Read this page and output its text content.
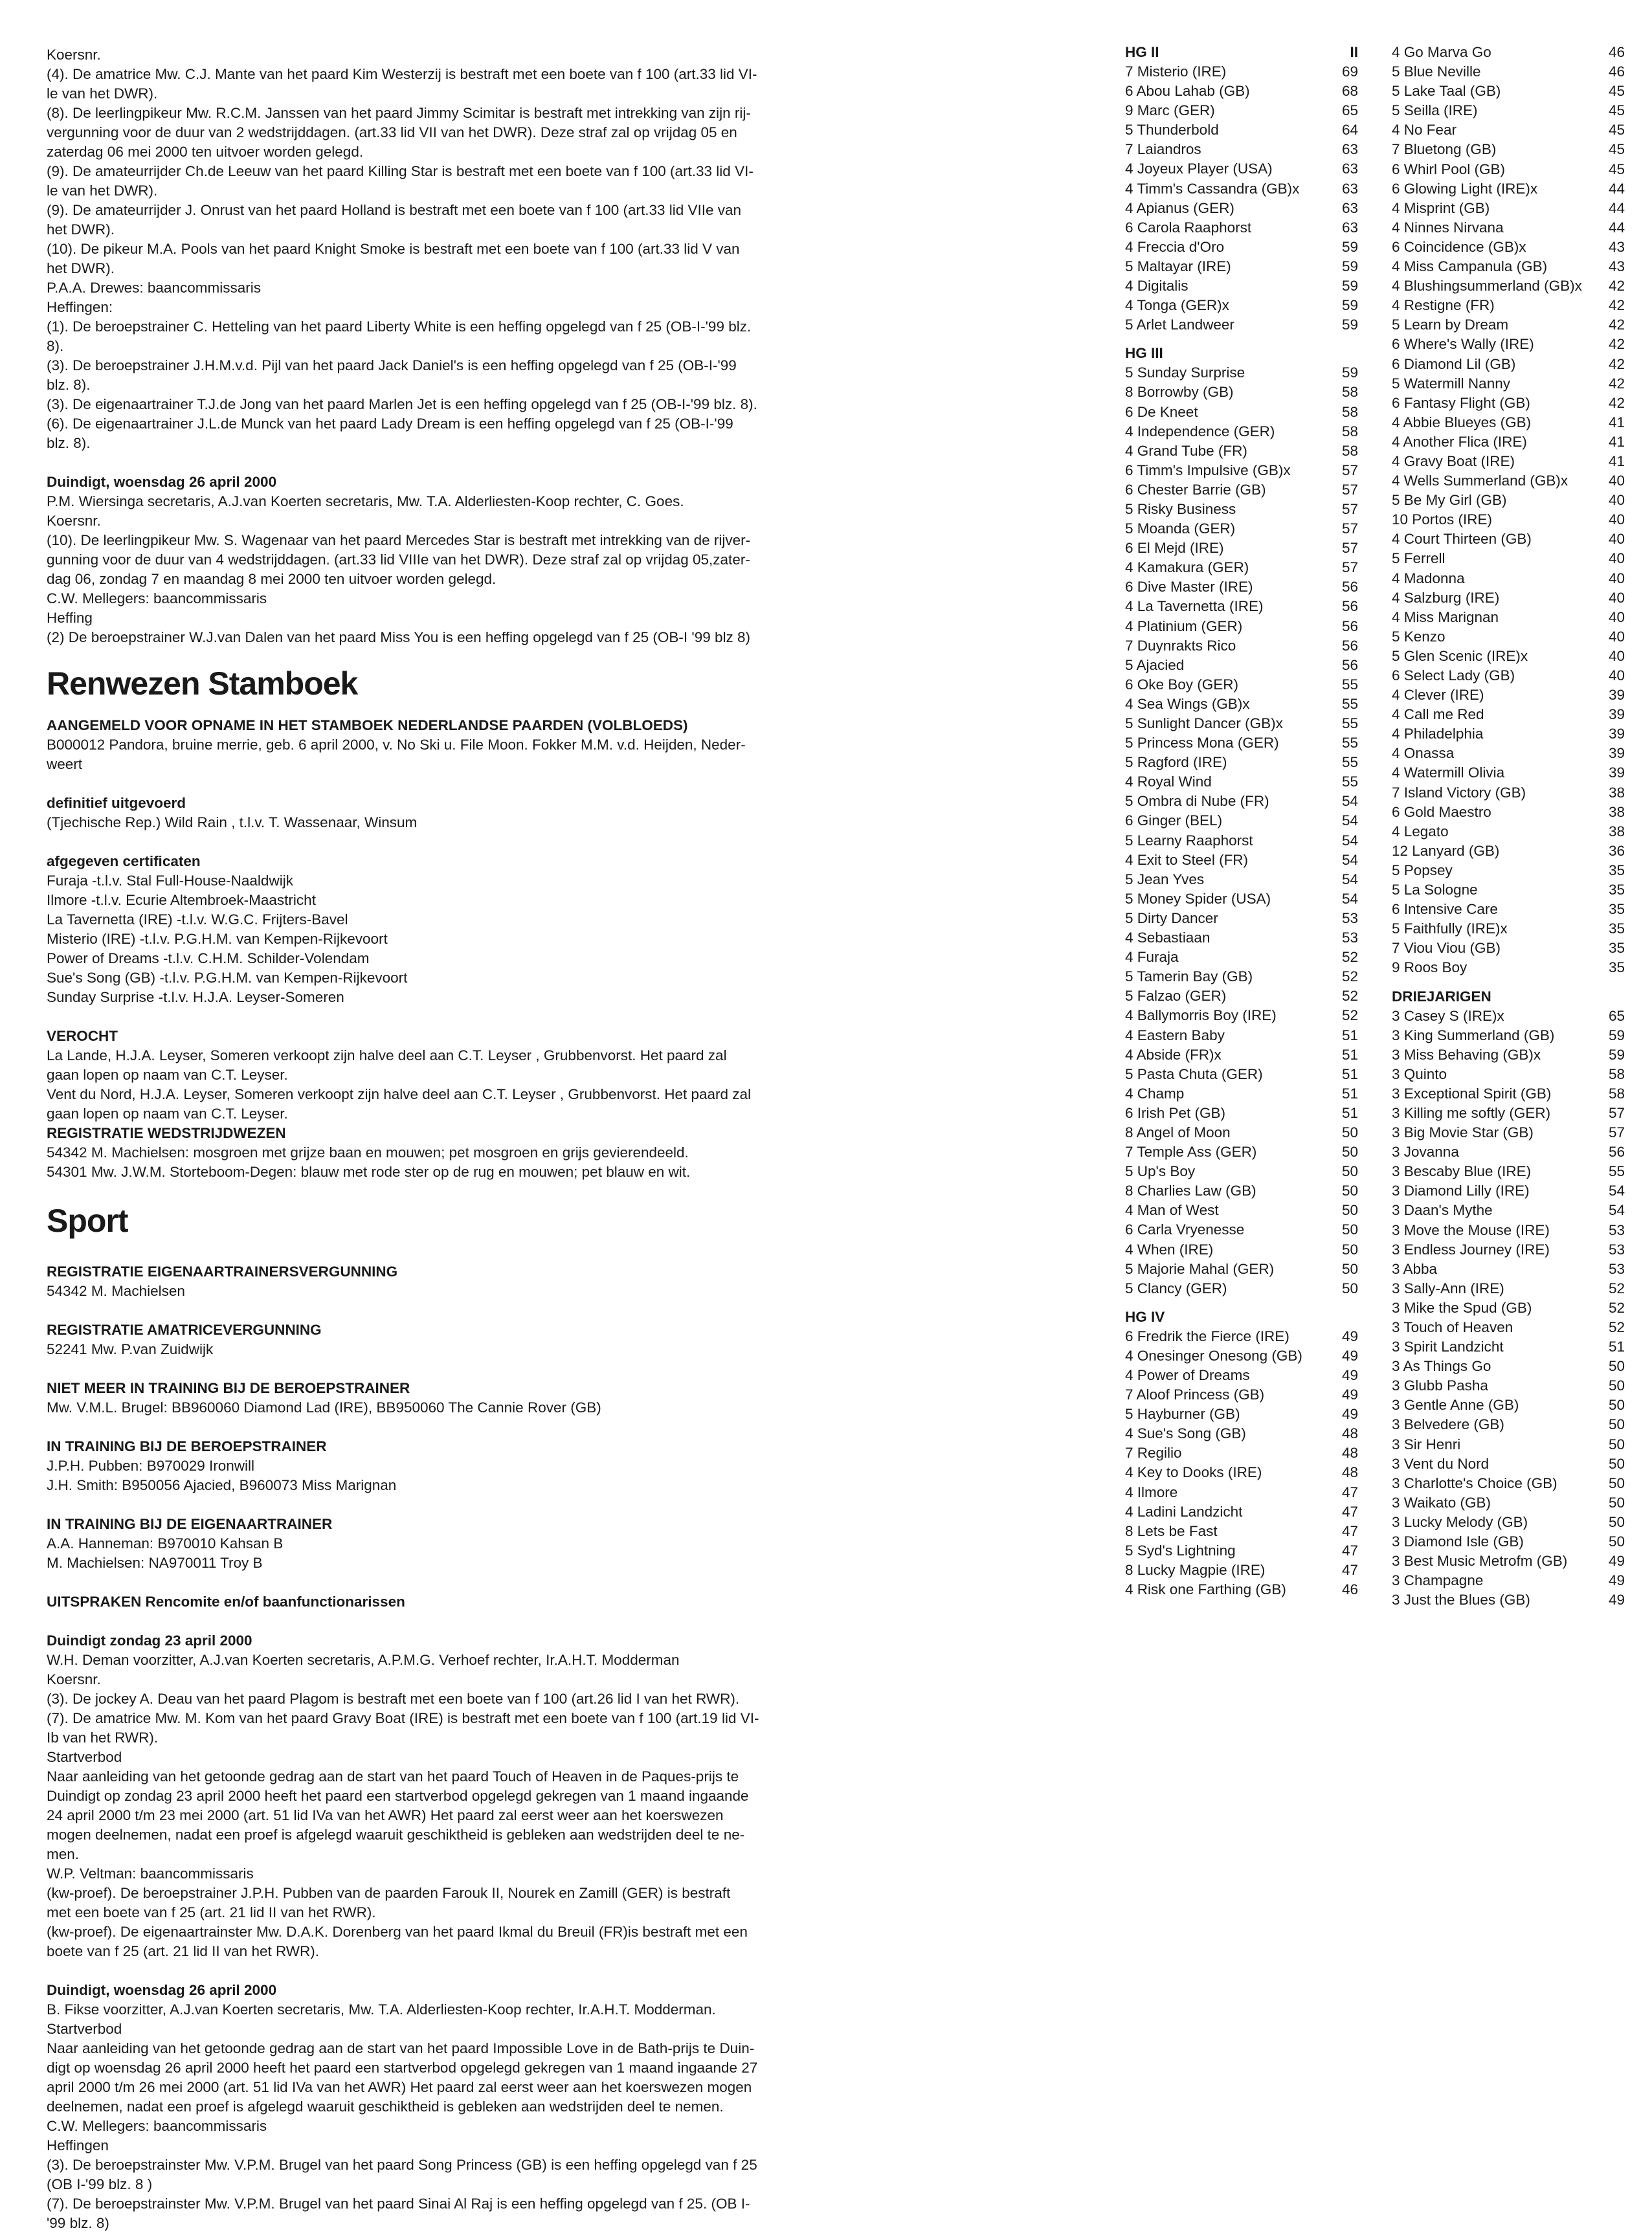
Koersnr.
(4). De amatrice Mw. C.J. Mante van het paard Kim Westerzij is bestraft met een boete van f 100 (art.33 lid VI-
le van het DWR).
(8). De leerlingpikeur Mw. R.C.M. Janssen van het paard Jimmy Scimitar is bestraft met intrekking van zijn rij-
vergunning voor de duur van 2 wedstrijddagen. (art.33 lid VII van het DWR). Deze straf zal op vrijdag 05 en
zaterdag 06 mei 2000 ten uitvoer worden gelegd.
(9). De amateurrijder Ch.de Leeuw van het paard Killing Star is bestraft met een boete van f 100 (art.33 lid VI-
le van het DWR).
(9). De amateurrijder J. Onrust van het paard Holland is bestraft met een boete van f 100 (art.33 lid VIIe van
het DWR).
(10). De pikeur M.A. Pools van het paard Knight Smoke is bestraft met een boete van f 100 (art.33 lid V van
het DWR).
P.A.A. Drewes: baancommissaris
Heffingen:
(1). De beroepstrainer C. Hetteling van het paard Liberty White is een heffing opgelegd van f 25 (OB-I-'99 blz.
8).
(3). De beroepstrainer J.H.M.v.d. Pijl van het paard Jack Daniel's is een heffing opgelegd van f 25 (OB-I-'99
blz. 8).
(3). De eigenaartrainer T.J.de Jong van het paard Marlen Jet is een heffing opgelegd van f 25 (OB-I-'99 blz. 8).
(6). De eigenaartrainer J.L.de Munck van het paard Lady Dream is een heffing opgelegd van f 25 (OB-I-'99
blz. 8).
Duindigt, woensdag 26 april 2000
P.M. Wiersinga secretaris, A.J.van Koerten secretaris, Mw. T.A. Alderliesten-Koop rechter, C. Goes.
Koersnr.
(10). De leerlingpikeur Mw. S. Wagenaar van het paard Mercedes Star is bestraft met intrekking van de rijver-
gunning voor de duur van 4 wedstrijddagen. (art.33 lid VIIIe van het DWR). Deze straf zal op vrijdag 05,zater-
dag 06, zondag 7 en maandag 8 mei 2000 ten uitvoer worden gelegd.
C.W. Mellegers: baancommissaris
Heffing
(2) De beroepstrainer W.J.van Dalen van het paard Miss You is een heffing opgelegd van f 25 (OB-I '99 blz 8)
Renwezen Stamboek
AANGEMELD VOOR OPNAME IN HET STAMBOEK NEDERLANDSE PAARDEN (VOLBLOEDS)
B000012 Pandora, bruine merrie, geb. 6 april 2000, v. No Ski u. File Moon. Fokker M.M. v.d. Heijden, Neder-
weert
definitief uitgevoerd
(Tjechische Rep.) Wild Rain , t.l.v. T. Wassenaar, Winsum
afgegeven certificaten
Furaja -t.l.v. Stal Full-House-Naaldwijk
Ilmore -t.l.v. Ecurie Altembroek-Maastricht
La Tavernetta (IRE) -t.l.v. W.G.C. Frijters-Bavel
Misterio (IRE) -t.l.v. P.G.H.M. van Kempen-Rijkevoort
Power of Dreams -t.l.v. C.H.M. Schilder-Volendam
Sue's Song (GB) -t.l.v. P.G.H.M. van Kempen-Rijkevoort
Sunday Surprise -t.l.v. H.J.A. Leyser-Someren
VEROCHT
La Lande, H.J.A. Leyser, Someren verkoopt zijn halve deel aan C.T. Leyser , Grubbenvorst. Het paard zal
gaan lopen op naam van C.T. Leyser.
Vent du Nord, H.J.A. Leyser, Someren verkoopt zijn halve deel aan C.T. Leyser , Grubbenvorst. Het paard zal
gaan lopen op naam van C.T. Leyser.
REGISTRATIE WEDSTRIJDWEZEN
54342 M. Machielsen: mosgroen met grijze baan en mouwen; pet mosgroen en grijs gevierendeeld.
54301 Mw. J.W.M. Storteboom-Degen: blauw met rode ster op de rug en mouwen; pet blauw en wit.
Sport
REGISTRATIE EIGENAARTRAINERSVERGUNNING
54342 M. Machielsen
REGISTRATIE AMATRICEVERGUNNING
52241 Mw. P.van Zuidwijk
NIET MEER IN TRAINING BIJ DE BEROEPSTRAINER
Mw. V.M.L. Brugel: BB960060 Diamond Lad (IRE), BB950060 The Cannie Rover (GB)
IN TRAINING BIJ DE BEROEPSTRAINER
J.P.H. Pubben: B970029 Ironwill
J.H. Smith: B950056 Ajacied, B960073 Miss Marignan
IN TRAINING BIJ DE EIGENAARTRAINER
A.A. Hanneman: B970010 Kahsan B
M. Machielsen: NA970011 Troy B
UITSPRAKEN Rencomite en/of baanfunctionarissen
Duindigt zondag 23 april 2000
W.H. Deman voorzitter, A.J.van Koerten secretaris, A.P.M.G. Verhoef rechter, Ir.A.H.T. Modderman
Koersnr.
(3). De jockey A. Deau van het paard Plagom is bestraft met een boete van f 100 (art.26 lid I van het RWR).
(7). De amatrice Mw. M. Kom van het paard Gravy Boat (IRE) is bestraft met een boete van f 100 (art.19 lid VI-
Ib van het RWR).
Startverbod
Naar aanleiding van het getoonde gedrag aan de start van het paard Touch of Heaven in de Paques-prijs te
Duindigt op zondag 23 april 2000 heeft het paard een startverbod opgelegd gekregen van 1 maand ingaande
24 april 2000 t/m 23 mei 2000 (art. 51 lid IVa van het AWR) Het paard zal eerst weer aan het koerswezen
mogen deelnemen, nadat een proef is afgelegd waaruit geschiktheid is gebleken aan wedstrijden deel te ne-
men.
W.P. Veltman: baancommissaris
(kw-proef). De beroepstrainer J.P.H. Pubben van de paarden Farouk II, Nourek en Zamill (GER) is bestraft
met een boete van f 25 (art. 21 lid II van het RWR).
(kw-proef). De eigenaartrainster Mw. D.A.K. Dorenberg van het paard Ikmal du Breuil (FR)is bestraft met een
boete van f 25 (art. 21 lid II van het RWR).
Duindigt, woensdag 26 april 2000
B. Fikse voorzitter, A.J.van Koerten secretaris, Mw. T.A. Alderliesten-Koop rechter, Ir.A.H.T. Modderman.
Startverbod
Naar aanleiding van het getoonde gedrag aan de start van het paard Impossible Love in de Bath-prijs te Duin-
digt op woensdag 26 april 2000 heeft het paard een startverbod opgelegd gekregen van 1 maand ingaande 27
april 2000 t/m 26 mei 2000 (art. 51 lid IVa van het AWR) Het paard zal eerst weer aan het koerswezen mogen
deelnemen, nadat een proef is afgelegd waaruit geschiktheid is gebleken aan wedstrijden deel te nemen.
C.W. Mellegers: baancommissaris
Heffingen
(3). De beroepstrainster Mw. V.P.M. Brugel van het paard Song Princess (GB) is een heffing opgelegd van f 25
(OB I-'99 blz. 8 )
(7). De beroepstrainster Mw. V.P.M. Brugel van het paard Sinai Al Raj is een heffing opgelegd van f 25. (OB I-
'99 blz. 8)
HG II	II
7 Misterio (IRE)	69
6 Abou Lahab (GB)	68
9 Marc (GER)	65
5 Thunderbold	64
7 Laiandros	63
4 Joyeux Player (USA)	63
4 Timm's Cassandra (GB)x	63
4 Apianus (GER)	63
6 Carola Raaphorst	63
4 Freccia d'Oro	59
5 Maltayar (IRE)	59
4 Digitalis	59
4 Tonga (GER)x	59
5 Arlet Landweer	59
HG III
5 Sunday Surprise	59
8 Borrowby (GB)	58
6 De Kneet	58
4 Independence (GER)	58
4 Grand Tube (FR)	58
6 Timm's Impulsive (GB)x	57
6 Chester Barrie (GB)	57
5 Risky Business	57
5 Moanda (GER)	57
6 El Mejd (IRE)	57
4 Kamakura (GER)	57
6 Dive Master (IRE)	56
4 La Tavernetta (IRE)	56
4 Platinium (GER)	56
7 Duynrakts Rico	56
5 Ajacied	56
6 Oke Boy (GER)	55
4 Sea Wings (GB)x	55
5 Sunlight Dancer (GB)x	55
5 Princess Mona (GER)	55
5 Ragford (IRE)	55
4 Royal Wind	55
5 Ombra di Nube (FR)	54
6 Ginger (BEL)	54
5 Learny Raaphorst	54
4 Exit to Steel (FR)	54
5 Jean Yves	54
5 Money Spider (USA)	54
5 Dirty Dancer	53
4 Sebastiaan	53
4 Furaja	52
5 Tamerin Bay (GB)	52
5 Falzao (GER)	52
4 Ballymorris Boy (IRE)	52
4 Eastern Baby	51
4 Abside (FR)x	51
5 Pasta Chuta (GER)	51
4 Champ	51
6 Irish Pet (GB)	51
8 Angel of Moon	50
7 Temple Ass (GER)	50
5 Up's Boy	50
8 Charlies Law (GB)	50
4 Man of West	50
6 Carla Vryenesse	50
4 When (IRE)	50
5 Majorie Mahal (GER)	50
5 Clancy (GER)	50
HG IV
6 Fredrik the Fierce (IRE)	49
4 Onesinger Onesong (GB)	49
4 Power of Dreams	49
7 Aloof Princess (GB)	49
5 Hayburner (GB)	49
4 Sue's Song (GB)	48
7 Regilio	48
4 Key to Dooks (IRE)	48
4 Ilmore	47
4 Ladini Landzicht	47
8 Lets be Fast	47
5 Syd's Lightning	47
8 Lucky Magpie (IRE)	47
4 Risk one Farthing (GB)	46
4 Go Marva Go	46
5 Blue Neville	46
5 Lake Taal (GB)	45
5 Seilla (IRE)	45
4 No Fear	45
7 Bluetong (GB)	45
6 Whirl Pool (GB)	45
6 Glowing Light (IRE)x	44
4 Misprint (GB)	44
4 Ninnes Nirvana	44
6 Coincidence (GB)x	43
4 Miss Campanula (GB)	43
4 Blushingsummerland (GB)x	42
4 Restigne (FR)	42
5 Learn by Dream	42
6 Where's Wally (IRE)	42
6 Diamond Lil (GB)	42
5 Watermill Nanny	42
6 Fantasy Flight (GB)	42
4 Abbie Blueyes (GB)	41
4 Another Flica (IRE)	41
4 Gravy Boat (IRE)	41
4 Wells Summerland (GB)x	40
5 Be My Girl (GB)	40
10 Portos (IRE)	40
4 Court Thirteen (GB)	40
5 Ferrell	40
4 Madonna	40
4 Salzburg (IRE)	40
4 Miss Marignan	40
5 Kenzo	40
5 Glen Scenic (IRE)x	40
6 Select Lady (GB)	40
4 Clever (IRE)	39
4 Call me Red	39
4 Philadelphia	39
4 Onassa	39
4 Watermill Olivia	39
7 Island Victory (GB)	38
6 Gold Maestro	38
4 Legato	38
12 Lanyard (GB)	36
5 Popsey	35
5 La Sologne	35
6 Intensive Care	35
5 Faithfully (IRE)x	35
7 Viou Viou (GB)	35
9 Roos Boy	35
DRIEJARIGEN
3 Casey S (IRE)x	65
3 King Summerland (GB)	59
3 Miss Behaving (GB)x	59
3 Quinto	58
3 Exceptional Spirit (GB)	58
3 Killing me softly (GER)	57
3 Big Movie Star (GB)	57
3 Jovanna	56
3 Bescaby Blue (IRE)	55
3 Diamond Lilly (IRE)	54
3 Daan's Mythe	54
3 Move the Mouse (IRE)	53
3 Endless Journey (IRE)	53
3 Abba	53
3 Sally-Ann (IRE)	52
3 Mike the Spud (GB)	52
3 Touch of Heaven	52
3 Spirit Landzicht	51
3 As Things Go	50
3 Glubb Pasha	50
3 Gentle Anne (GB)	50
3 Belvedere (GB)	50
3 Sir Henri	50
3 Vent du Nord	50
3 Charlotte's Choice (GB)	50
3 Waikato (GB)	50
3 Lucky Melody (GB)	50
3 Diamond Isle (GB)	50
3 Best Music Metrofm (GB)	49
3 Champagne	49
3 Just the Blues (GB)	49
